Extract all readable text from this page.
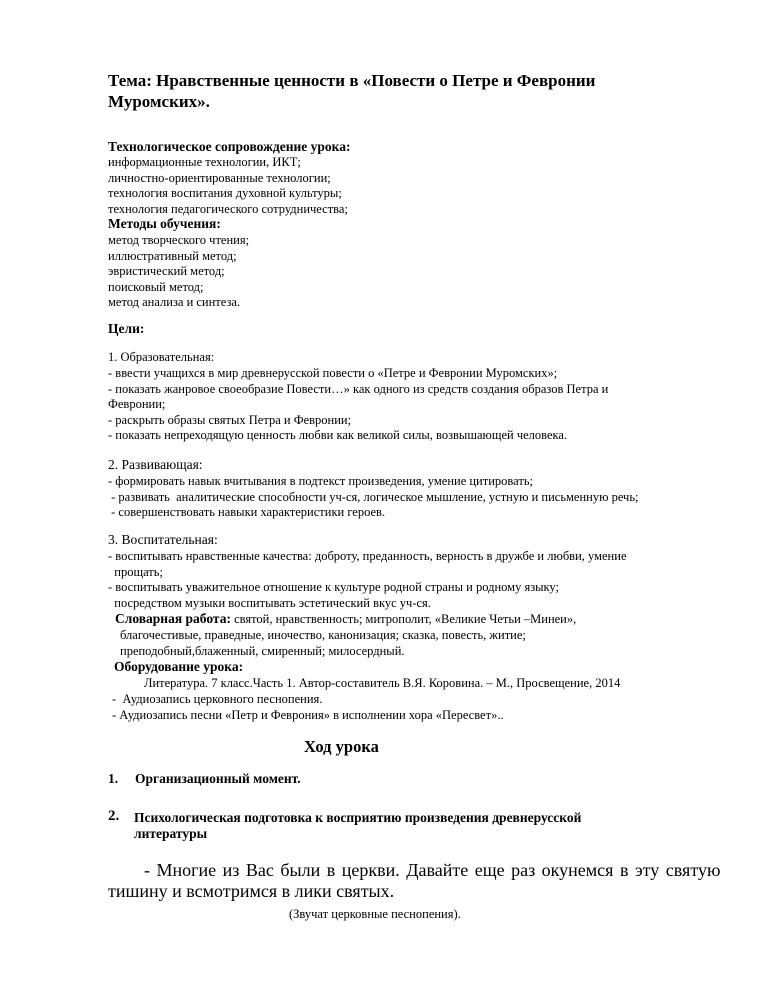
Тема: Нравственные ценности в «Повести о Петре и Февронии
Муромских».
Технологическое сопровождение урока:
информационные технологии, ИКТ;
личностно-ориентированные технологии;
технология воспитания духовной культуры;
технология педагогического сотрудничества;
Методы обучения:
метод творческого чтения;
иллюстративный метод;
эвристический метод;
поисковый метод;
метод анализа и синтеза.
Цели:
1. Образовательная:
- ввести учащихся в мир древнерусской повести о «Петре и Февронии Муромских»;
- показать жанровое своеобразие Повести…» как одного из средств создания образов Петра и
Февронии;
- раскрыть образы святых Петра и Февронии;
- показать непреходящую ценность любви как великой силы, возвышающей человека.
2. Развивающая:
- формировать навык вчитывания в подтекст произведения, умение цитировать;
- развивать  аналитические способности уч-ся, логическое мышление, устную и письменную речь;
- совершенствовать навыки характеристики героев.
3. Воспитательная:
- воспитывать нравственные качества: доброту, преданность, верность в дружбе и любви, умение
прощать;
- воспитывать уважительное отношение к культуре родной страны и родному языку;
посредством музыки воспитывать эстетический вкус уч-ся.
Словарная работа: святой, нравственность; митрополит, «Великие Четьи –Минеи»,
благочестивые, праведные, иночество, канонизация; сказка, повесть, житие;
преподобный,блаженный, смиренный; милосердный.
Оборудование урока:
Литература. 7 класс.Часть 1. Автор-составитель В.Я. Коровина. – М., Просвещение, 2014
-  Аудиозапись церковного песнопения.
- Аудиозапись песни «Петр и Феврония» в исполнении хора «Пересвет»..
Ход урока
1. Организационный момент.
2. Психологическая подготовка к восприятию произведения древнерусской
литературы
- Многие из Вас были в церкви. Давайте еще раз окунемся в эту святую
тишину и всмотримся в лики святых.
(Звучат церковные песнопения).
